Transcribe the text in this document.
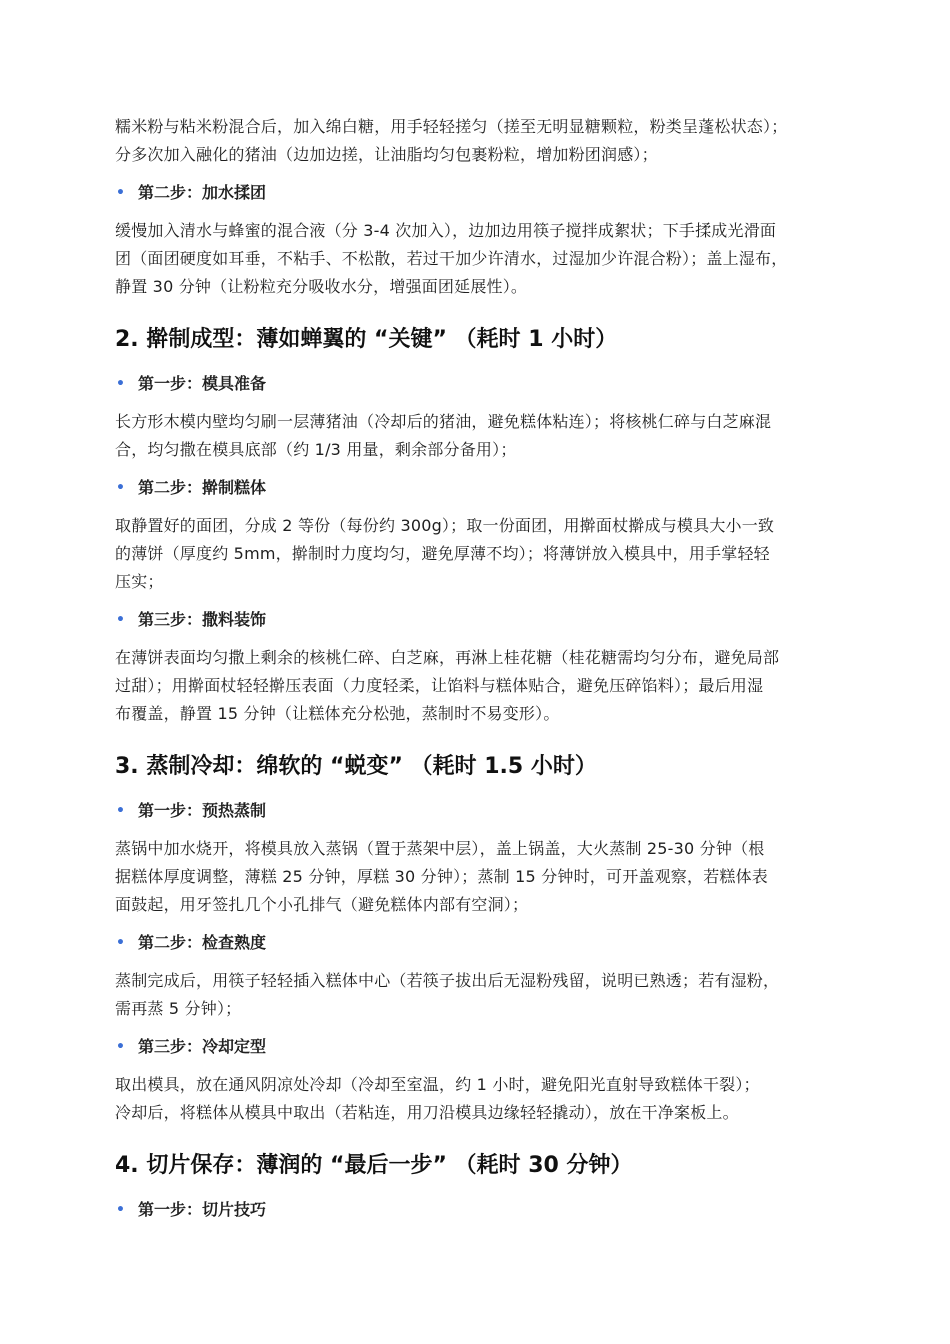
糯米粉与粘米粉混合后，加入绵白糖，用手轻轻搓匀（搓至无明显糖颗粒，粉类呈蓬松状态）；
分多次加入融化的猪油（边加边搓，让油脂均匀包裹粉粒，增加粉团润感）；

• 第二步：加水揉团

缓慢加入清水与蜂蜜的混合液（分 3-4 次加入），边加边用筷子搅拌成絮状；下手揉成光滑面
团（面团硬度如耳垂，不粘手、不松散，若过干加少许清水，过湿加少许混合粉）；盖上湿布，
静置 30 分钟（让粉粒充分吸收水分，增强面团延展性）。

2. 擀制成型：薄如蝉翼的 “关键” （耗时 1 小时）
• 第一步：模具准备

长方形木模内壁均匀刷一层薄猪油（冷却后的猪油，避免糕体粘连）；将核桃仁碎与白芝麻混
合，均匀撒在模具底部（约 1/3 用量，剩余部分备用）；

• 第二步：擀制糕体

取静置好的面团，分成 2 等份（每份约 300g）；取一份面团，用擀面杖擀成与模具大小一致
的薄饼（厚度约 5mm，擀制时力度均匀，避免厚薄不均）；将薄饼放入模具中，用手掌轻轻
压实；

• 第三步：撒料装饰

在薄饼表面均匀撒上剩余的核桃仁碎、白芝麻，再淋上桂花糖（桂花糖需均匀分布，避免局部
过甜）；用擀面杖轻轻擀压表面（力度轻柔，让馅料与糕体贴合，避免压碎馅料）；最后用湿
布覆盖，静置 15 分钟（让糕体充分松弛，蒸制时不易变形）。

3. 蒸制冷却：绵软的 “蜕变” （耗时 1.5 小时）
• 第一步：预热蒸制

蒸锅中加水烧开，将模具放入蒸锅（置于蒸架中层），盖上锅盖，大火蒸制 25-30 分钟（根
据糕体厚度调整，薄糕 25 分钟，厚糕 30 分钟）；蒸制 15 分钟时，可开盖观察，若糕体表
面鼓起，用牙签扎几个小孔排气（避免糕体内部有空洞）；

• 第二步：检查熟度

蒸制完成后，用筷子轻轻插入糕体中心（若筷子拔出后无湿粉残留，说明已熟透；若有湿粉，
需再蒸 5 分钟）；

• 第三步：冷却定型

取出模具，放在通风阴凉处冷却（冷却至室温，约 1 小时，避免阳光直射导致糕体干裂）；
冷却后，将糕体从模具中取出（若粘连，用刀沿模具边缘轻轻撬动），放在干净案板上。

4. 切片保存：薄润的 “最后一步” （耗时 30 分钟）
• 第一步：切片技巧
